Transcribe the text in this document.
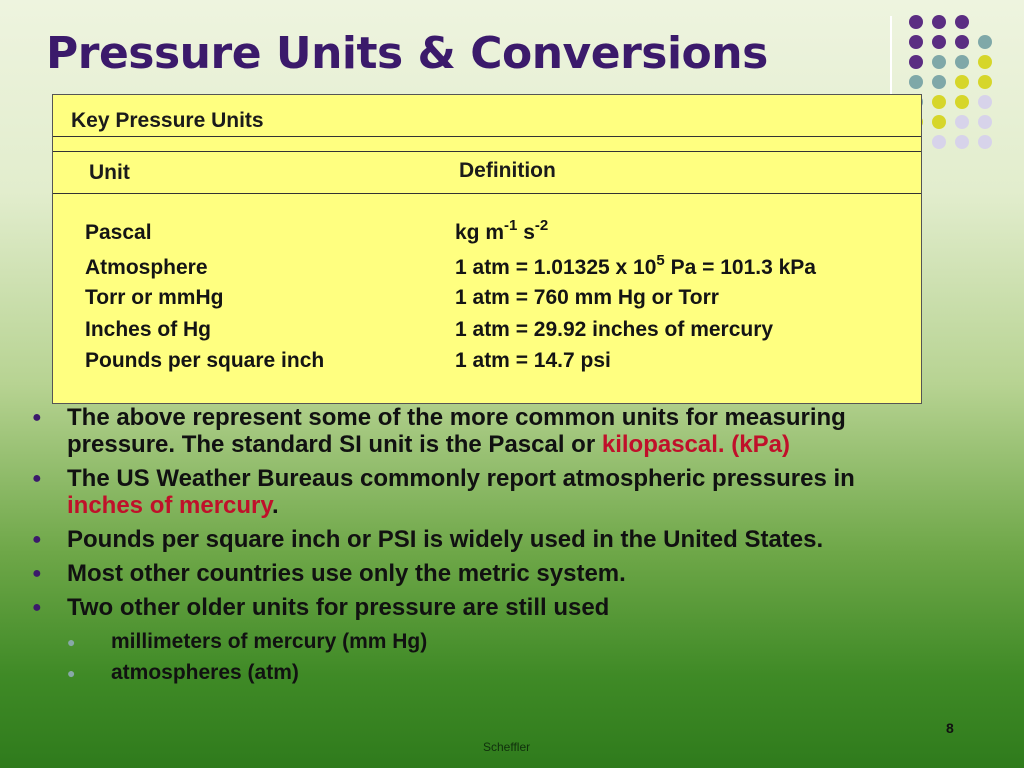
Pressure Units & Conversions
Key Pressure Units
Unit	Definition
Pascal	kg $m^{-1}$ $s^{-2}$
Atmosphere	1 atm = 1.01325 x $10^5$ Pa = 101.3 kPa
Torr or mmHg	1 atm = 760 mm Hg or Torr
Inches of Hg	1 atm = 29.92 inches of mercury
Pounds per square inch	1 atm = 14.7 psi
● The above represent some of the more common units for measuring pressure. The standard SI unit is the Pascal or kilopascal. (kPa)
● The US Weather Bureaus commonly report atmospheric pressures in inches of mercury.
● Pounds per square inch or PSI is widely used in the United States.
● Most other countries use only the metric system.
● Two other older units for pressure are still used
● millimeters of mercury (mm Hg)
● atmospheres (atm)
Scheffler
8
